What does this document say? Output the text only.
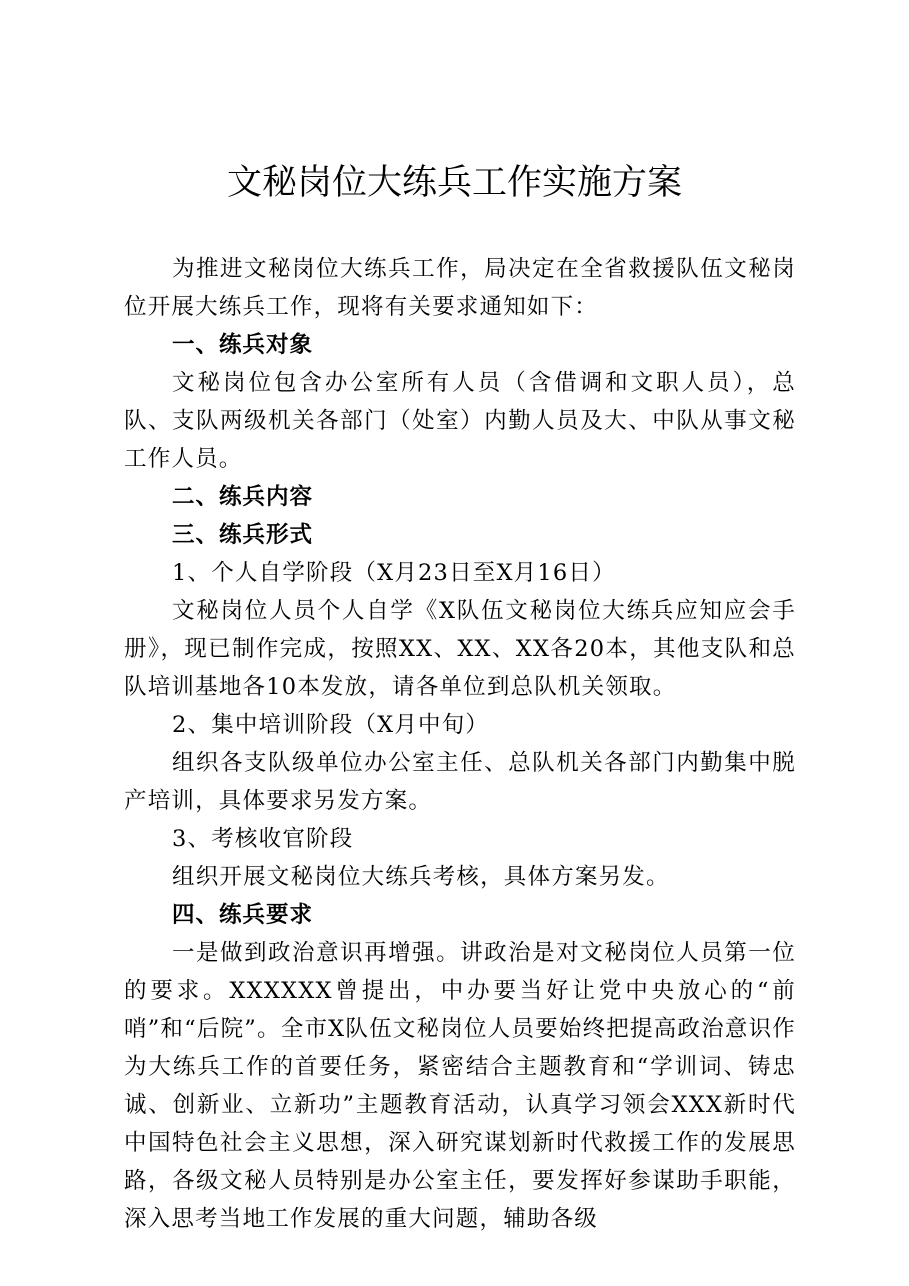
文秘岗位大练兵工作实施方案

为推进文秘岗位大练兵工作，局决定在全省救援队伍文秘岗位开展大练兵工作，现将有关要求通知如下：

一、练兵对象

文秘岗位包含办公室所有人员（含借调和文职人员），总队、支队两级机关各部门（处室）内勤人员及大、中队从事文秘工作人员。

二、练兵内容

三、练兵形式

1、个人自学阶段（X月23日至X月16日）

文秘岗位人员个人自学《X队伍文秘岗位大练兵应知应会手册》，现已制作完成，按照XX、XX、XX各20本，其他支队和总队培训基地各10本发放，请各单位到总队机关领取。

2、集中培训阶段（X月中旬）

组织各支队级单位办公室主任、总队机关各部门内勤集中脱产培训，具体要求另发方案。

3、考核收官阶段

组织开展文秘岗位大练兵考核，具体方案另发。

四、练兵要求

一是做到政治意识再增强。讲政治是对文秘岗位人员第一位的要求。XXXXXX曾提出，中办要当好让党中央放心的“前哨”和“后院”。全市X队伍文秘岗位人员要始终把提高政治意识作为大练兵工作的首要任务，紧密结合主题教育和“学训词、铸忠诚、创新业、立新功”主题教育活动，认真学习领会XXX新时代中国特色社会主义思想，深入研究谋划新时代救援工作的发展思路，各级文秘人员特别是办公室主任，要发挥好参谋助手职能，深入思考当地工作发展的重大问题，辅助各级
